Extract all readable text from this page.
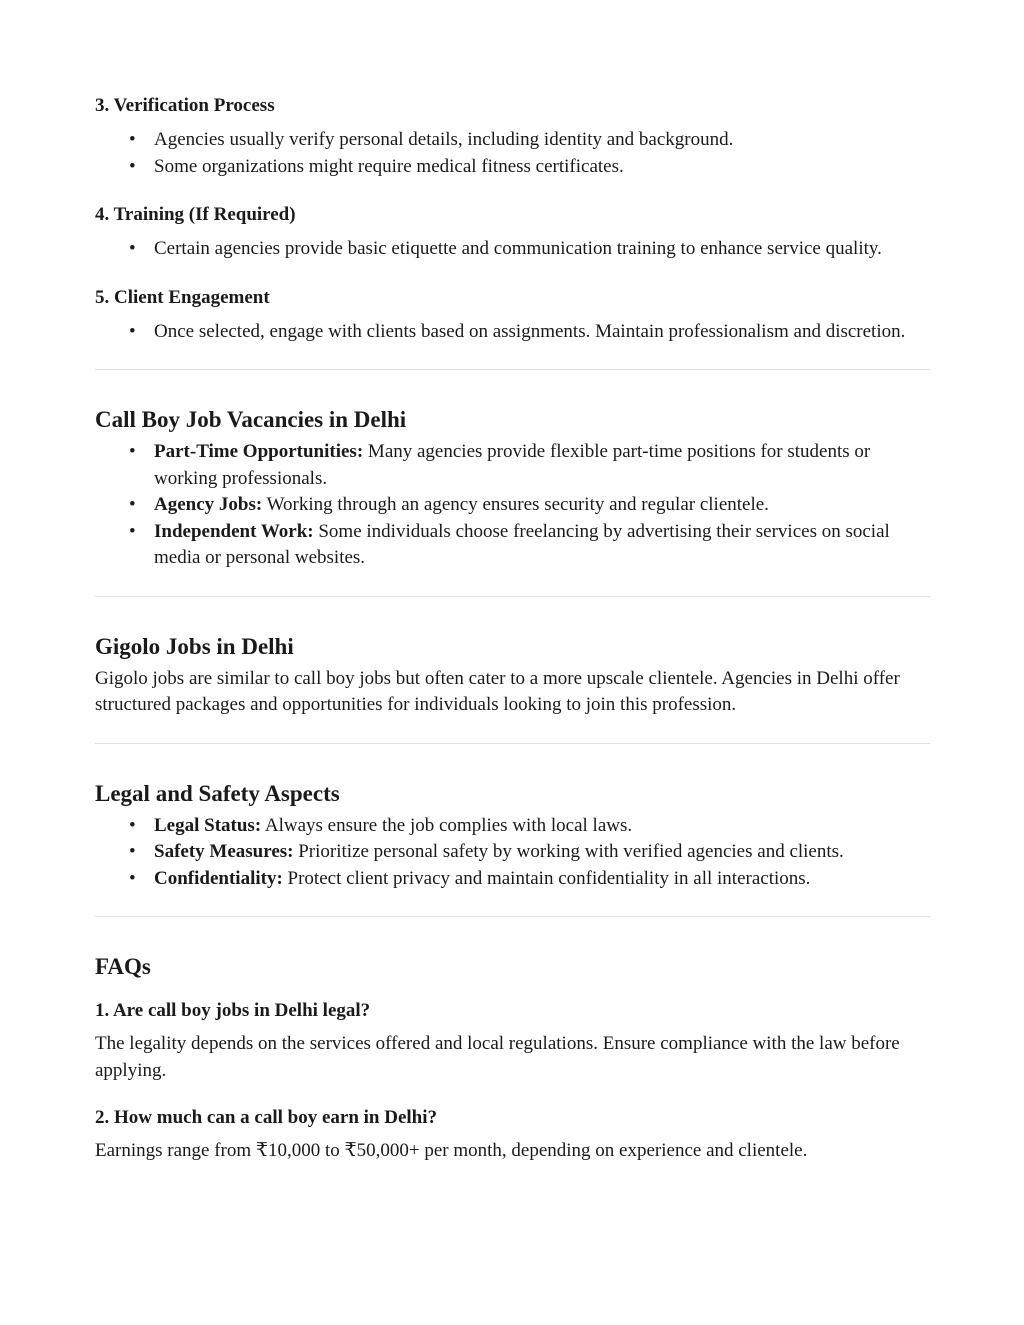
3. Verification Process
• Agencies usually verify personal details, including identity and background.
• Some organizations might require medical fitness certificates.
4. Training (If Required)
• Certain agencies provide basic etiquette and communication training to enhance service quality.
5. Client Engagement
• Once selected, engage with clients based on assignments. Maintain professionalism and discretion.
Call Boy Job Vacancies in Delhi
• Part-Time Opportunities: Many agencies provide flexible part-time positions for students or working professionals.
• Agency Jobs: Working through an agency ensures security and regular clientele.
• Independent Work: Some individuals choose freelancing by advertising their services on social media or personal websites.
Gigolo Jobs in Delhi

Gigolo jobs are similar to call boy jobs but often cater to a more upscale clientele. Agencies in Delhi offer structured packages and opportunities for individuals looking to join this profession.

Legal and Safety Aspects
• Legal Status: Always ensure the job complies with local laws.
• Safety Measures: Prioritize personal safety by working with verified agencies and clients.
• Confidentiality: Protect client privacy and maintain confidentiality in all interactions.
FAQs
1. Are call boy jobs in Delhi legal?

The legality depends on the services offered and local regulations. Ensure compliance with the law before applying.

2. How much can a call boy earn in Delhi?

Earnings range from ₹10,000 to ₹50,000+ per month, depending on experience and clientele.
